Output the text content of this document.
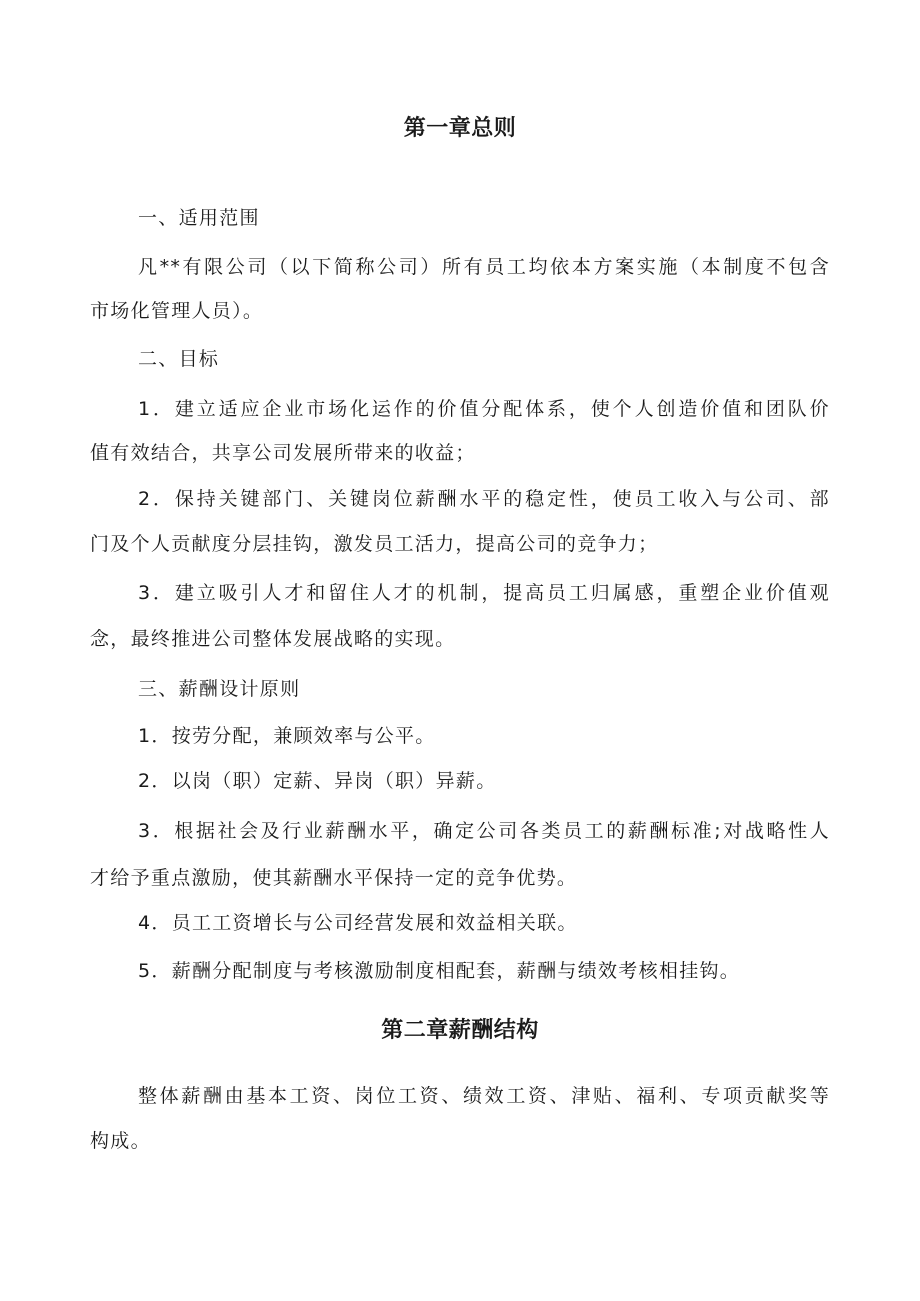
第一章总则

一、适用范围

凡**有限公司（以下简称公司）所有员工均依本方案实施（本制度不包含

市场化管理人员）。

二、目标

1．建立适应企业市场化运作的价值分配体系，使个人创造价值和团队价

值有效结合，共享公司发展所带来的收益；

2．保持关键部门、关键岗位薪酬水平的稳定性，使员工收入与公司、部

门及个人贡献度分层挂钩，激发员工活力，提高公司的竞争力；

3．建立吸引人才和留住人才的机制，提高员工归属感，重塑企业价值观

念，最终推进公司整体发展战略的实现。

三、薪酬设计原则

1．按劳分配，兼顾效率与公平。

2．以岗（职）定薪、异岗（职）异薪。

3．根据社会及行业薪酬水平，确定公司各类员工的薪酬标准;对战略性人

才给予重点激励，使其薪酬水平保持一定的竞争优势。

4．员工工资增长与公司经营发展和效益相关联。

5．薪酬分配制度与考核激励制度相配套，薪酬与绩效考核相挂钩。

第二章薪酬结构

整体薪酬由基本工资、岗位工资、绩效工资、津贴、福利、专项贡献奖等

构成。
